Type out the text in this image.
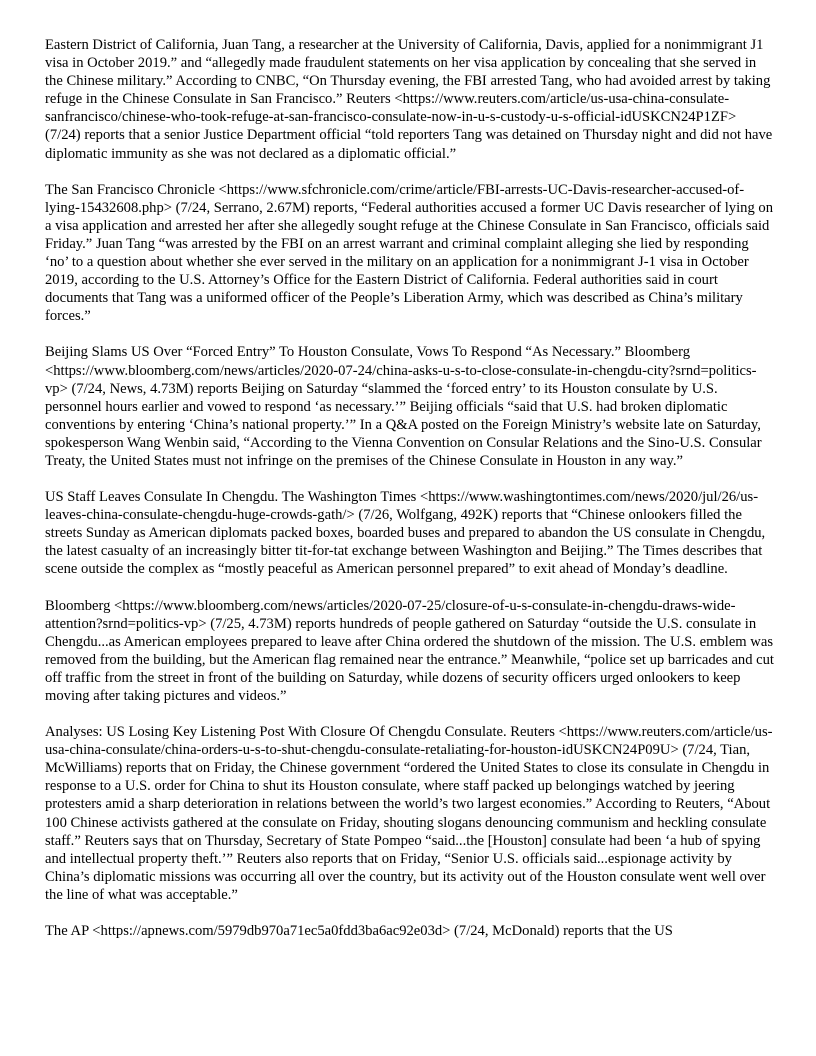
Eastern District of California, Juan Tang, a researcher at the University of California, Davis, applied for a nonimmigrant J1 visa in October 2019.” and “allegedly made fraudulent statements on her visa application by concealing that she served in the Chinese military.” According to CNBC, “On Thursday evening, the FBI arrested Tang, who had avoided arrest by taking refuge in the Chinese Consulate in San Francisco.” Reuters <https://www.reuters.com/article/us-usa-china-consulate-sanfrancisco/chinese-who-took-refuge-at-san-francisco-consulate-now-in-u-s-custody-u-s-official-idUSKCN24P1ZF> (7/24) reports that a senior Justice Department official “told reporters Tang was detained on Thursday night and did not have diplomatic immunity as she was not declared as a diplomatic official.”

The San Francisco Chronicle <https://www.sfchronicle.com/crime/article/FBI-arrests-UC-Davis-researcher-accused-of-lying-15432608.php> (7/24, Serrano, 2.67M) reports, “Federal authorities accused a former UC Davis researcher of lying on a visa application and arrested her after she allegedly sought refuge at the Chinese Consulate in San Francisco, officials said Friday.” Juan Tang “was arrested by the FBI on an arrest warrant and criminal complaint alleging she lied by responding ‘no’ to a question about whether she ever served in the military on an application for a nonimmigrant J-1 visa in October 2019, according to the U.S. Attorney’s Office for the Eastern District of California. Federal authorities said in court documents that Tang was a uniformed officer of the People’s Liberation Army, which was described as China’s military forces.”

Beijing Slams US Over “Forced Entry” To Houston Consulate, Vows To Respond “As Necessary.” Bloomberg <https://www.bloomberg.com/news/articles/2020-07-24/china-asks-u-s-to-close-consulate-in-chengdu-city?srnd=politics-vp> (7/24, News, 4.73M) reports Beijing on Saturday “slammed the ‘forced entry’ to its Houston consulate by U.S. personnel hours earlier and vowed to respond ‘as necessary.’” Beijing officials “said that U.S. had broken diplomatic conventions by entering ‘China’s national property.’” In a Q&A posted on the Foreign Ministry’s website late on Saturday, spokesperson Wang Wenbin said, “According to the Vienna Convention on Consular Relations and the Sino-U.S. Consular Treaty, the United States must not infringe on the premises of the Chinese Consulate in Houston in any way.”

US Staff Leaves Consulate In Chengdu. The Washington Times <https://www.washingtontimes.com/news/2020/jul/26/us-leaves-china-consulate-chengdu-huge-crowds-gath/> (7/26, Wolfgang, 492K) reports that “Chinese onlookers filled the streets Sunday as American diplomats packed boxes, boarded buses and prepared to abandon the US consulate in Chengdu, the latest casualty of an increasingly bitter tit-for-tat exchange between Washington and Beijing.” The Times describes that scene outside the complex as “mostly peaceful as American personnel prepared” to exit ahead of Monday’s deadline.

Bloomberg <https://www.bloomberg.com/news/articles/2020-07-25/closure-of-u-s-consulate-in-chengdu-draws-wide-attention?srnd=politics-vp> (7/25, 4.73M) reports hundreds of people gathered on Saturday “outside the U.S. consulate in Chengdu...as American employees prepared to leave after China ordered the shutdown of the mission. The U.S. emblem was removed from the building, but the American flag remained near the entrance.” Meanwhile, “police set up barricades and cut off traffic from the street in front of the building on Saturday, while dozens of security officers urged onlookers to keep moving after taking pictures and videos.”

Analyses: US Losing Key Listening Post With Closure Of Chengdu Consulate. Reuters <https://www.reuters.com/article/us-usa-china-consulate/china-orders-u-s-to-shut-chengdu-consulate-retaliating-for-houston-idUSKCN24P09U> (7/24, Tian, McWilliams) reports that on Friday, the Chinese government “ordered the United States to close its consulate in Chengdu in response to a U.S. order for China to shut its Houston consulate, where staff packed up belongings watched by jeering protesters amid a sharp deterioration in relations between the world’s two largest economies.” According to Reuters, “About 100 Chinese activists gathered at the consulate on Friday, shouting slogans denouncing communism and heckling consulate staff.” Reuters says that on Thursday, Secretary of State Pompeo “said...the [Houston] consulate had been ‘a hub of spying and intellectual property theft.’” Reuters also reports that on Friday, “Senior U.S. officials said...espionage activity by China’s diplomatic missions was occurring all over the country, but its activity out of the Houston consulate went well over the line of what was acceptable.”

The AP <https://apnews.com/5979db970a71ec5a0fdd3ba6ac92e03d> (7/24, McDonald) reports that the US
